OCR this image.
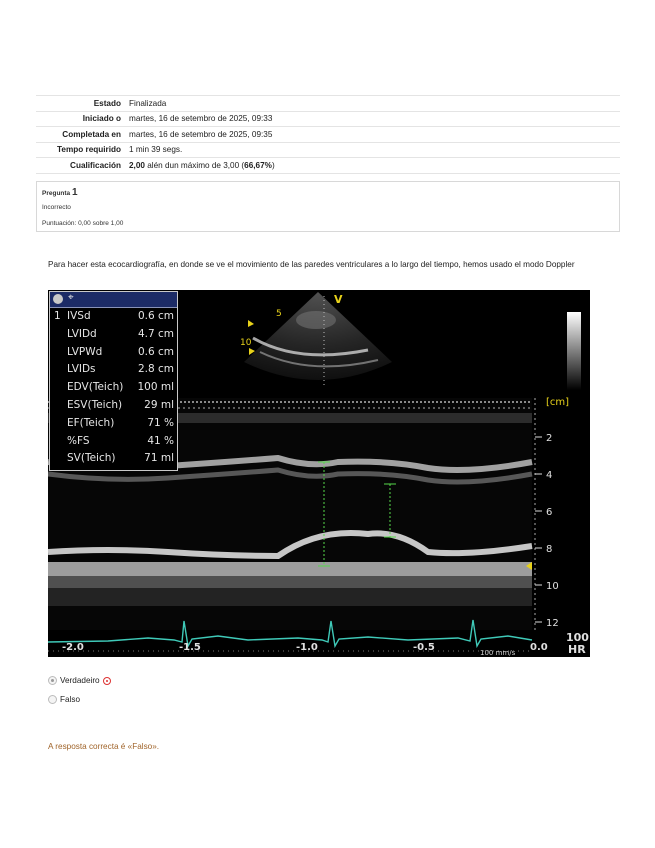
Estado	Finalizada
Iniciado o	martes, 16 de setembro de 2025, 09:33
Completada en	martes, 16 de setembro de 2025, 09:35
Tempo requirido	1 min 39 segs.
Cualificación	2,00 alén dun máximo de 3,00 (66,67%)
Pregunta 1
Incorrecto
Puntuación: 0,00 sobre 1,00
Para hacer esta ecocardiografía, en donde se ve el movimiento de las paredes ventriculares a lo largo del tiempo, hemos usado el modo Doppler
5
10
V
[cm]
2
4
6
8
10
12
-2.0	-1.5	-1.0	-0.5	0.0
100 mm/s
100
HR
⌖
1 IVSd	0.6 cm
LVIDd	4.7 cm
LVPWd	0.6 cm
LVIDs	2.8 cm
EDV(Teich) 100 ml
ESV(Teich) 29 ml
EF(Teich)	71 %
%FS	41 %
SV(Teich)	71 ml
Verdadeiro
Falso
A resposta correcta é «Falso».
